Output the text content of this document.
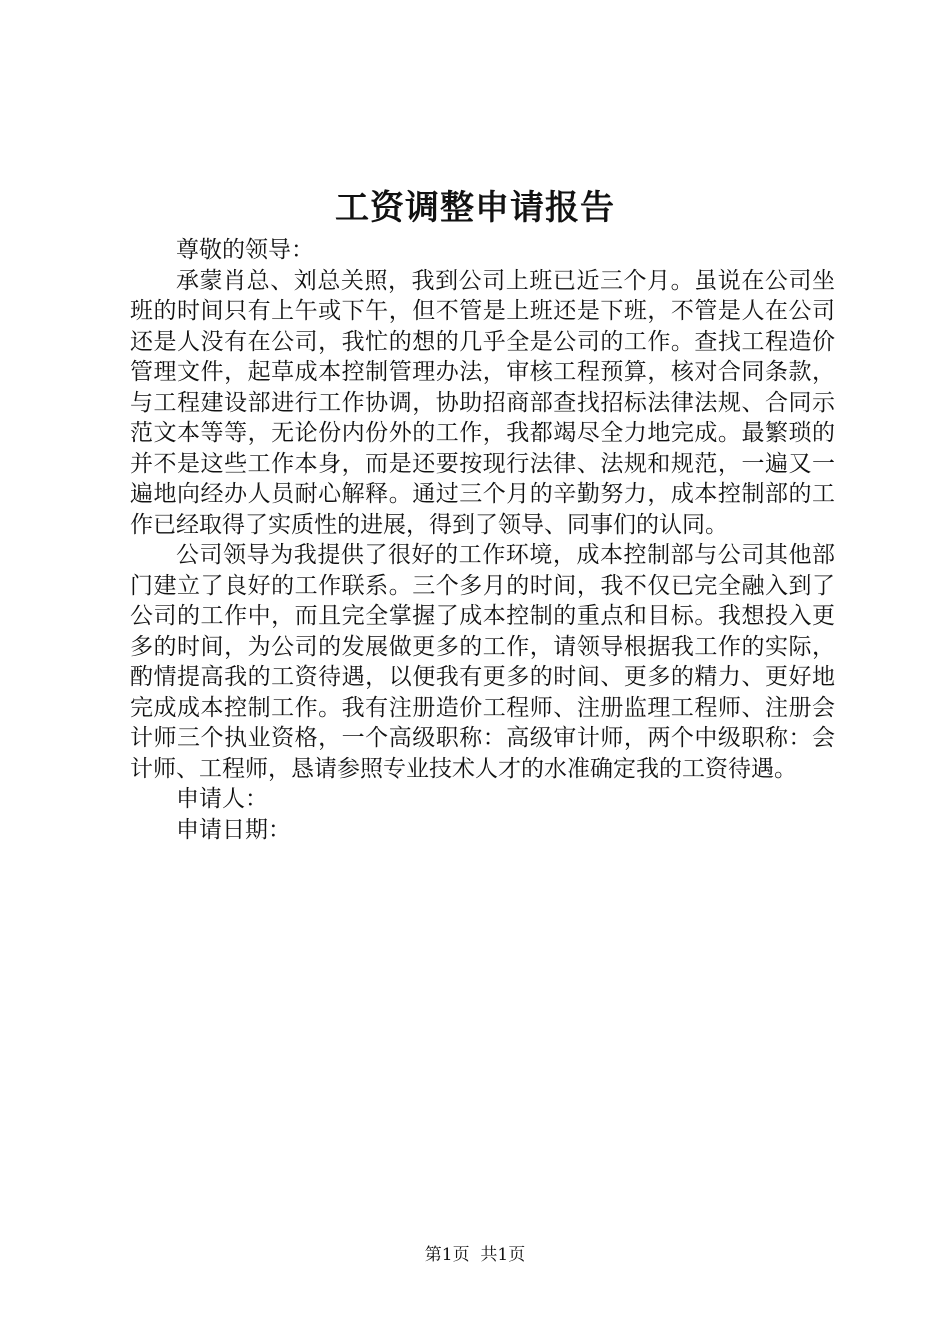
工资调整申请报告

尊敬的领导：

承蒙肖总、刘总关照，我到公司上班已近三个月。虽说在公司坐班的时间只有上午或下午，但不管是上班还是下班，不管是人在公司还是人没有在公司，我忙的想的几乎全是公司的工作。查找工程造价管理文件，起草成本控制管理办法，审核工程预算，核对合同条款，与工程建设部进行工作协调，协助招商部查找招标法律法规、合同示范文本等等，无论份内份外的工作，我都竭尽全力地完成。最繁琐的并不是这些工作本身，而是还要按现行法律、法规和规范，一遍又一遍地向经办人员耐心解释。通过三个月的辛勤努力，成本控制部的工作已经取得了实质性的进展，得到了领导、同事们的认同。

公司领导为我提供了很好的工作环境，成本控制部与公司其他部门建立了良好的工作联系。三个多月的时间，我不仅已完全融入到了公司的工作中，而且完全掌握了成本控制的重点和目标。我想投入更多的时间，为公司的发展做更多的工作，请领导根据我工作的实际，酌情提高我的工资待遇，以便我有更多的时间、更多的精力、更好地完成成本控制工作。我有注册造价工程师、注册监理工程师、注册会计师三个执业资格，一个高级职称：高级审计师，两个中级职称：会计师、工程师，恳请参照专业技术人才的水准确定我的工资待遇。

申请人：

申请日期：

第1页  共1页
